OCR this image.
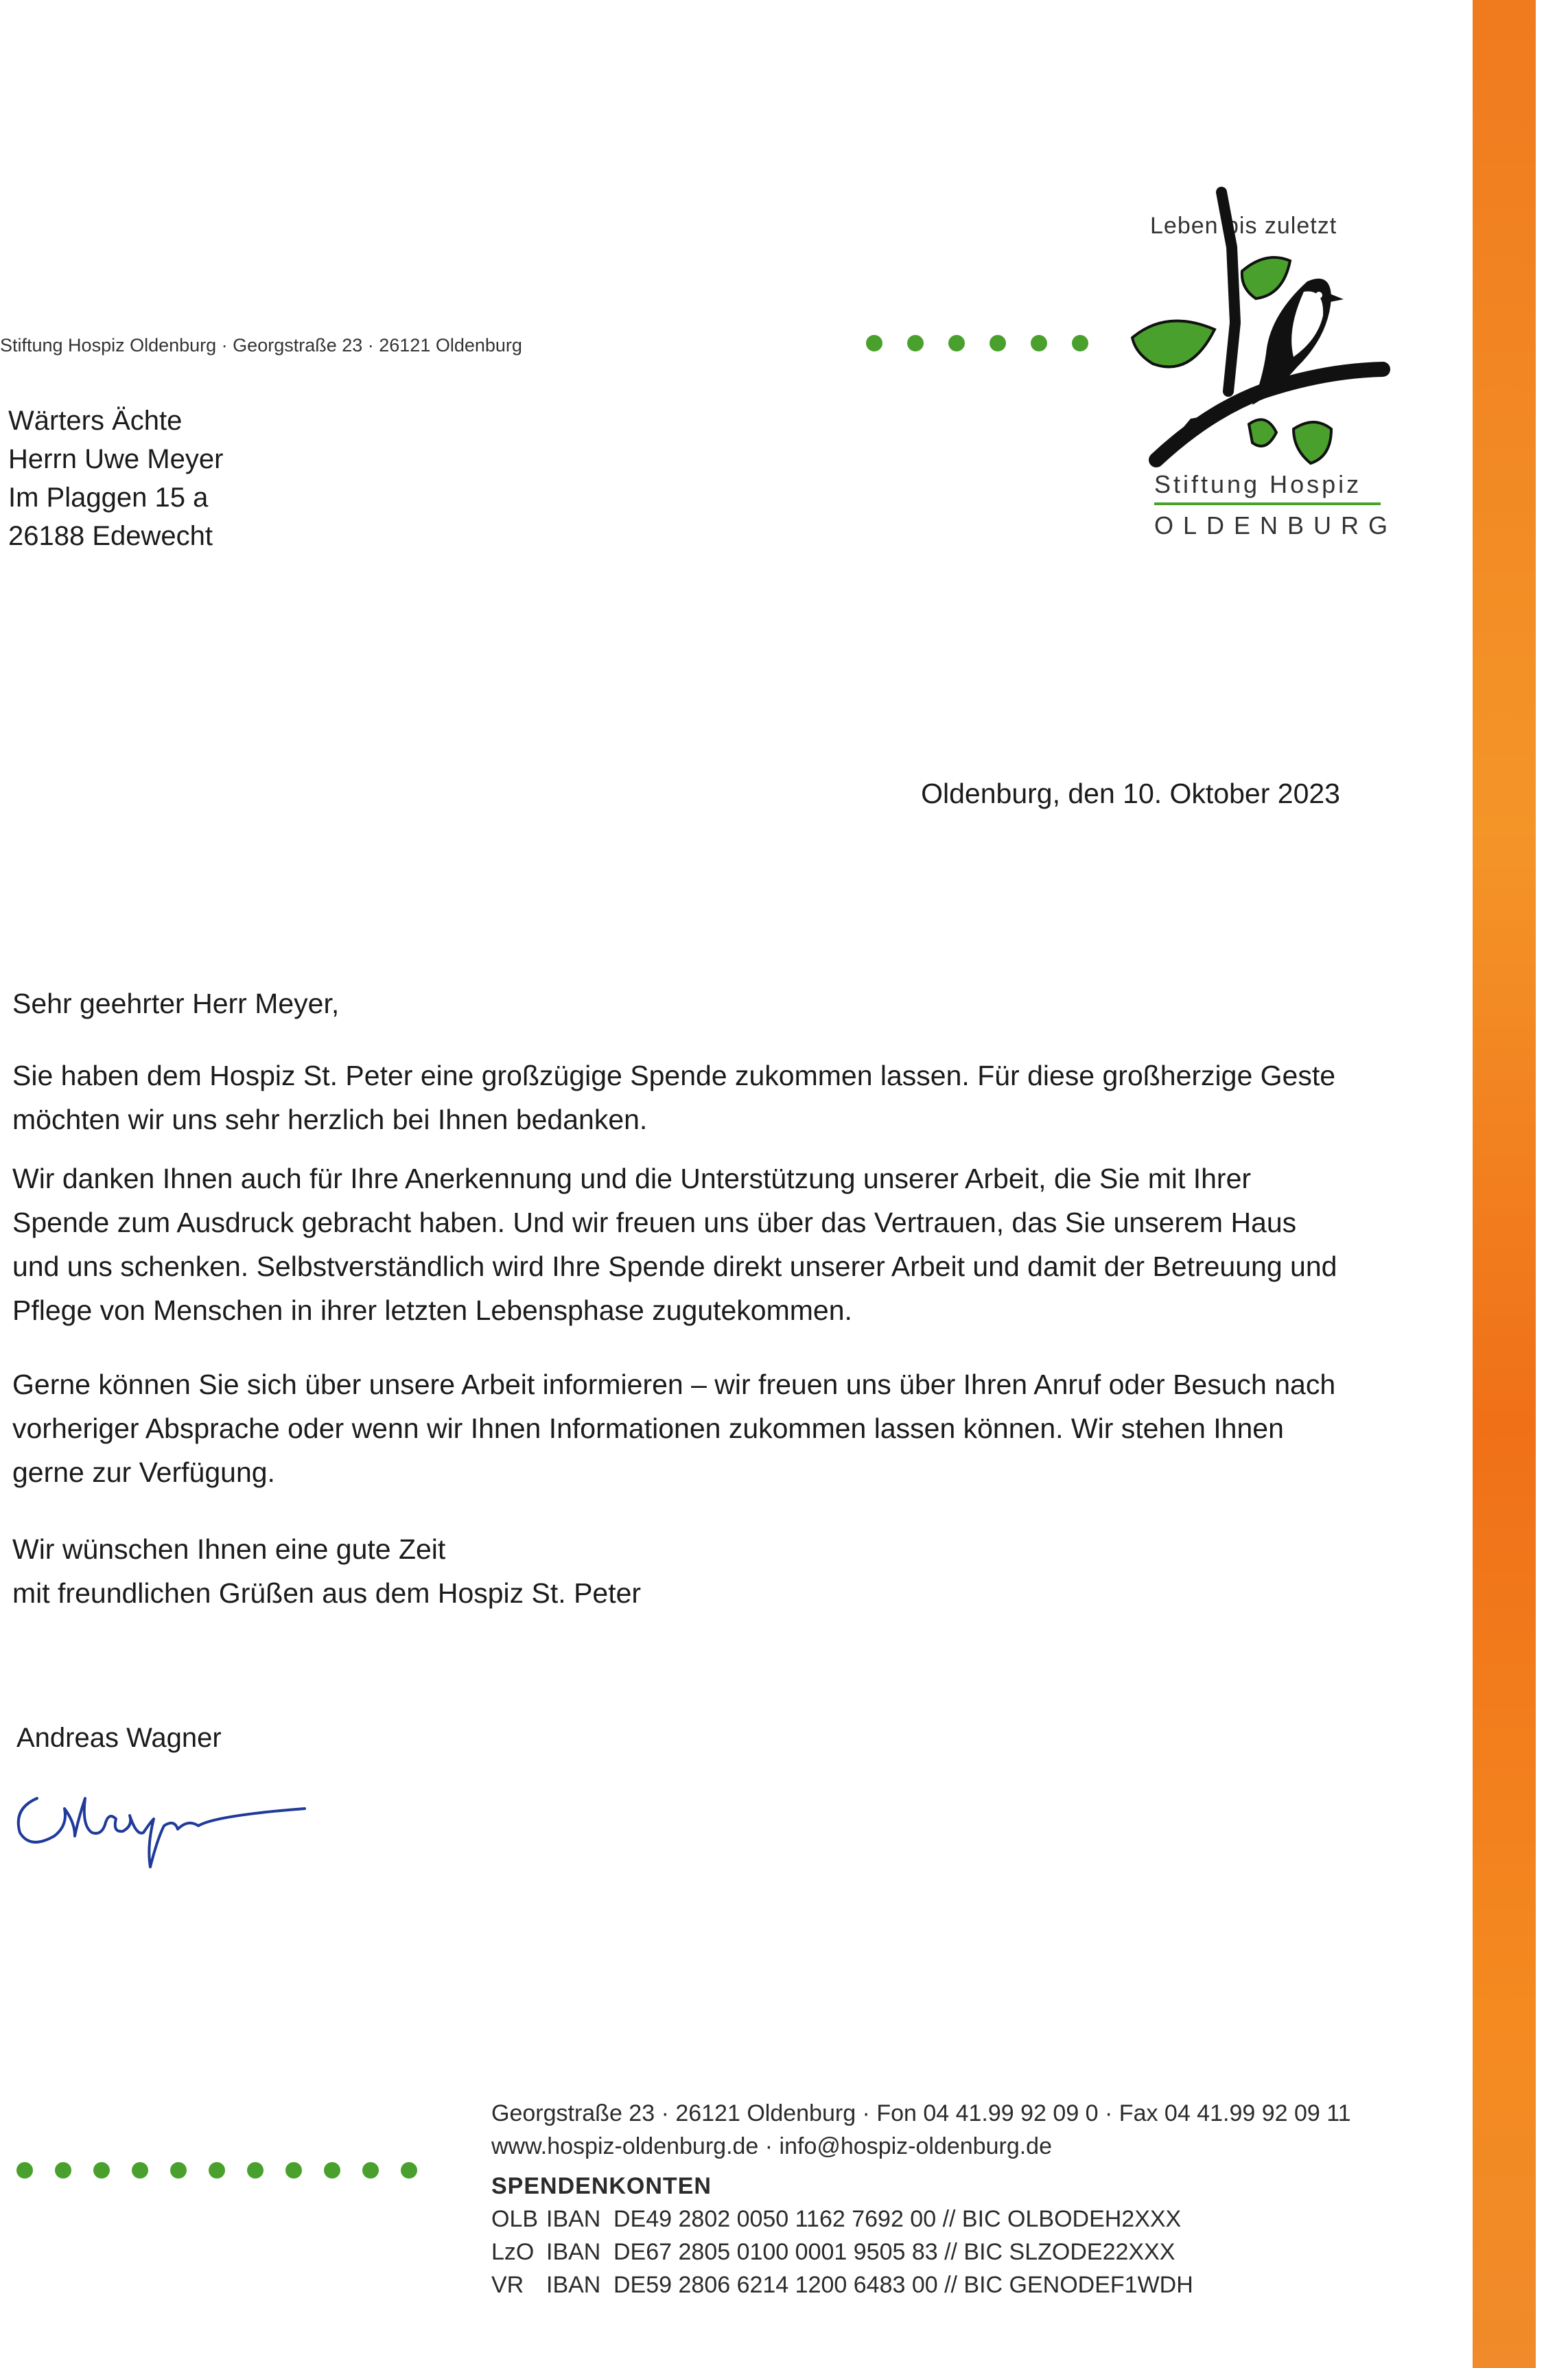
Stiftung Hospiz Oldenburg · Georgstraße 23 · 26121 Oldenburg
Leben bis zuletzt
Stiftung Hospiz
OLDENBURG
Wärters Ächte
Herrn Uwe Meyer
Im Plaggen 15 a
26188 Edewecht
Oldenburg, den 10. Oktober 2023
Sehr geehrter Herr Meyer,
Sie haben dem Hospiz St. Peter eine großzügige Spende zukommen lassen. Für diese großherzige Geste möchten wir uns sehr herzlich bei Ihnen bedanken.
Wir danken Ihnen auch für Ihre Anerkennung und die Unterstützung unserer Arbeit, die Sie mit Ihrer Spende zum Ausdruck gebracht haben. Und wir freuen uns über das Vertrauen, das Sie unserem Haus und uns schenken. Selbstverständlich wird Ihre Spende direkt unserer Arbeit und damit der Betreuung und Pflege von Menschen in ihrer letzten Lebensphase zugutekommen.
Gerne können Sie sich über unsere Arbeit informieren – wir freuen uns über Ihren Anruf oder Besuch nach vorheriger Absprache oder wenn wir Ihnen Informationen zukommen lassen können. Wir stehen Ihnen gerne zur Verfügung.
Wir wünschen Ihnen eine gute Zeit
mit freundlichen Grüßen aus dem Hospiz St. Peter
Andreas Wagner
Georgstraße 23 · 26121 Oldenburg · Fon 04 41.99 92 09 0 · Fax 04 41.99 92 09 11
www.hospiz-oldenburg.de · info@hospiz-oldenburg.de
SPENDENKONTEN
OLB IBAN DE49 2802 0050 1162 7692 00 // BIC OLBODEH2XXX
LzO IBAN DE67 2805 0100 0001 9505 83 // BIC SLZODE22XXX
VR IBAN DE59 2806 6214 1200 6483 00 // BIC GENODEF1WDH
